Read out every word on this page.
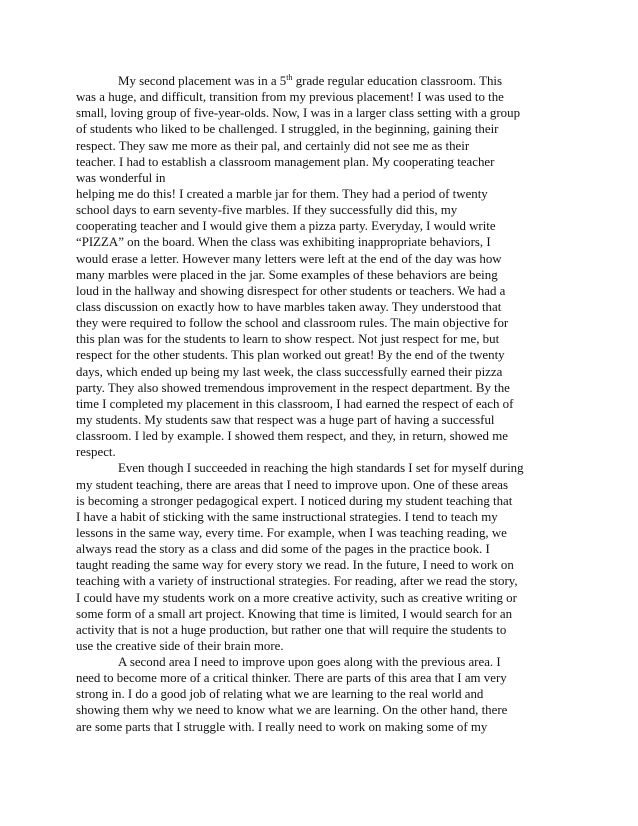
My second placement was in a 5th grade regular education classroom. This
was a huge, and difficult, transition from my previous placement! I was used to the
small, loving group of five-year-olds. Now, I was in a larger class setting with a group
of students who liked to be challenged. I struggled, in the beginning, gaining their
respect. They saw me more as their pal, and certainly did not see me as their
teacher. I had to establish a classroom management plan. My cooperating teacher
was wonderful in
helping me do this! I created a marble jar for them. They had a period of twenty
school days to earn seventy-five marbles. If they successfully did this, my
cooperating teacher and I would give them a pizza party. Everyday, I would write
“PIZZA” on the board. When the class was exhibiting inappropriate behaviors, I
would erase a letter. However many letters were left at the end of the day was how
many marbles were placed in the jar. Some examples of these behaviors are being
loud in the hallway and showing disrespect for other students or teachers. We had a
class discussion on exactly how to have marbles taken away. They understood that
they were required to follow the school and classroom rules. The main objective for
this plan was for the students to learn to show respect. Not just respect for me, but
respect for the other students. This plan worked out great! By the end of the twenty
days, which ended up being my last week, the class successfully earned their pizza
party. They also showed tremendous improvement in the respect department. By the
time I completed my placement in this classroom, I had earned the respect of each of
my students. My students saw that respect was a huge part of having a successful
classroom. I led by example. I showed them respect, and they, in return, showed me
respect.
Even though I succeeded in reaching the high standards I set for myself during
my student teaching, there are areas that I need to improve upon. One of these areas
is becoming a stronger pedagogical expert. I noticed during my student teaching that
I have a habit of sticking with the same instructional strategies. I tend to teach my
lessons in the same way, every time. For example, when I was teaching reading, we
always read the story as a class and did some of the pages in the practice book. I
taught reading the same way for every story we read. In the future, I need to work on
teaching with a variety of instructional strategies. For reading, after we read the story,
I could have my students work on a more creative activity, such as creative writing or
some form of a small art project. Knowing that time is limited, I would search for an
activity that is not a huge production, but rather one that will require the students to
use the creative side of their brain more.
A second area I need to improve upon goes along with the previous area. I
need to become more of a critical thinker. There are parts of this area that I am very
strong in. I do a good job of relating what we are learning to the real world and
showing them why we need to know what we are learning. On the other hand, there
are some parts that I struggle with. I really need to work on making some of my
